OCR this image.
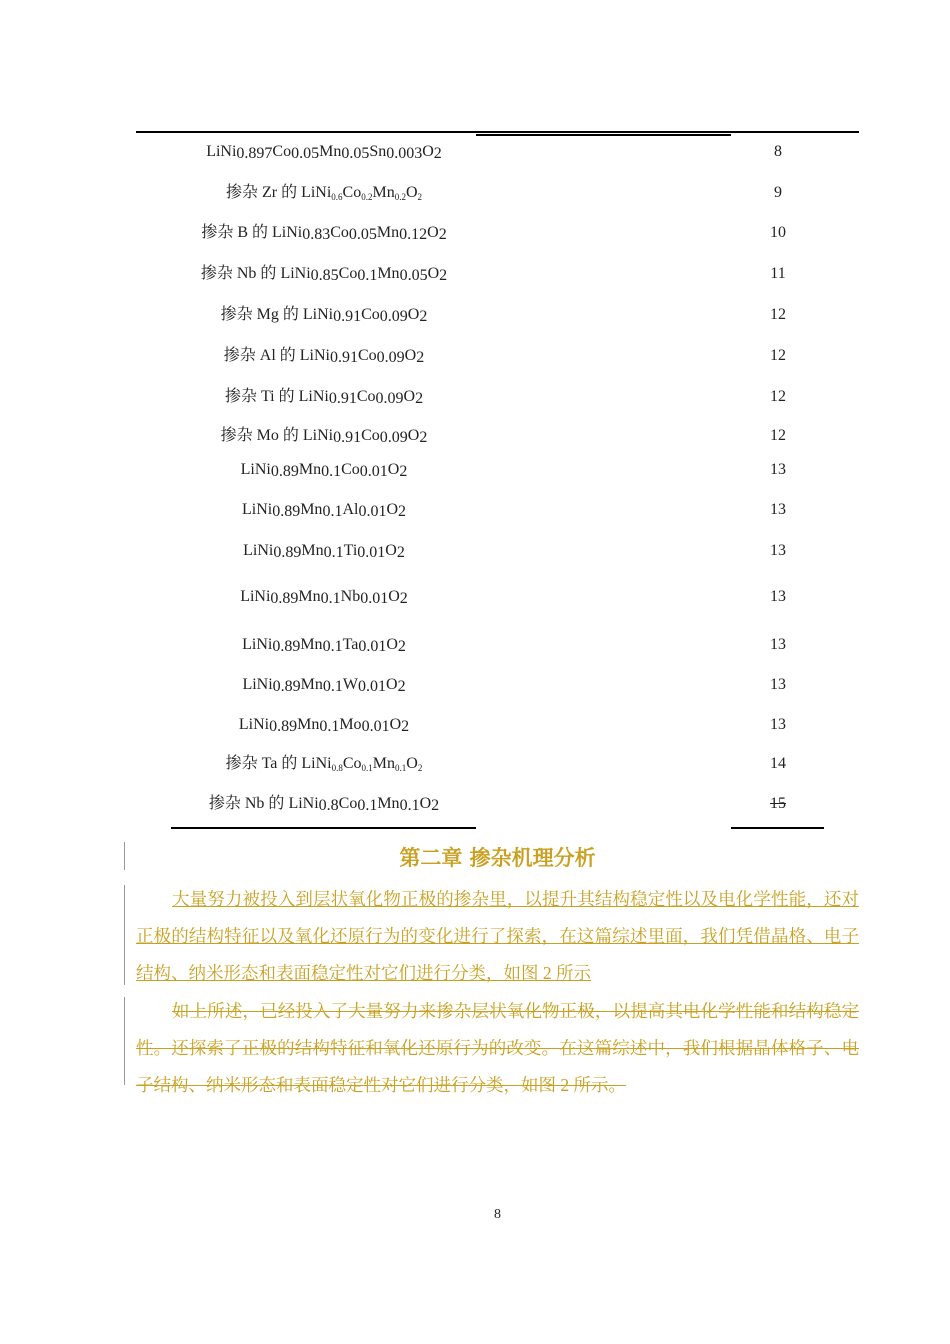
LiNi0.897Co0.05Mn0.05Sn0.003O2	8
掺杂 Zr 的 LiNi0.6Co0.2Mn0.2O2	9
掺杂 B 的 LiNi0.83Co0.05Mn0.12O2	10
掺杂 Nb 的 LiNi0.85Co0.1Mn0.05O2	11
掺杂 Mg 的 LiNi0.91Co0.09O2	12
掺杂 Al 的 LiNi0.91Co0.09O2	12
掺杂 Ti 的 LiNi0.91Co0.09O2	12
掺杂 Mo 的 LiNi0.91Co0.09O2	12
LiNi0.89Mn0.1Co0.01O2	13
LiNi0.89Mn0.1Al0.01O2	13
LiNi0.89Mn0.1Ti0.01O2	13
LiNi0.89Mn0.1Nb0.01O2	13
LiNi0.89Mn0.1Ta0.01O2	13
LiNi0.89Mn0.1W0.01O2	13
LiNi0.89Mn0.1Mo0.01O2	13
掺杂 Ta 的 LiNi0.8Co0.1Mn0.1O2	14
掺杂 Nb 的 LiNi0.8Co0.1Mn0.1O2	15
第二章 掺杂机理分析
大量努力被投入到层状氧化物正极的掺杂里，以提升其结构稳定性以及电化学性能，还对正极的结构特征以及氧化还原行为的变化进行了探索，在这篇综述里面，我们凭借晶格、电子结构、纳米形态和表面稳定性对它们进行分类，如图 2 所示
如上所述，已经投入了大量努力来掺杂层状氧化物正极，以提高其电化学性能和结构稳定性。还探索了正极的结构特征和氧化还原行为的改变。在这篇综述中，我们根据晶体格子、电子结构、纳米形态和表面稳定性对它们进行分类，如图 2 所示。
8
